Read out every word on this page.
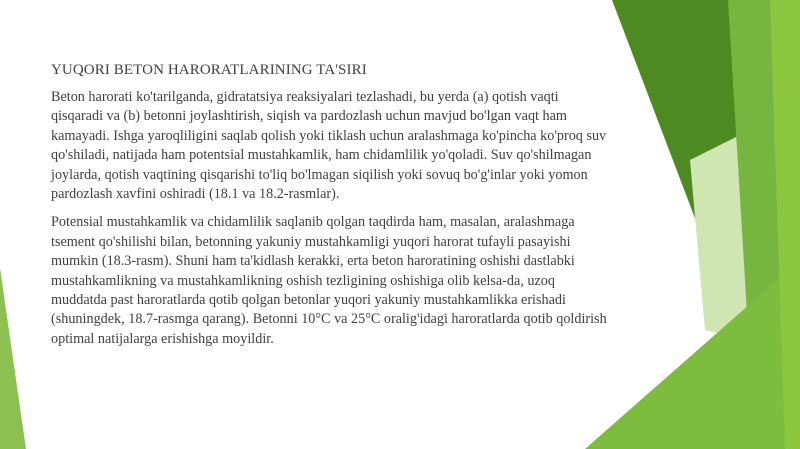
YUQORI BETON HARORATLARINING TA'SIRI

Beton harorati ko'tarilganda, gidratatsiya reaksiyalari tezlashadi, bu yerda (a) qotish vaqti qisqaradi va (b) betonni joylashtirish, siqish va pardozlash uchun mavjud bo'lgan vaqt ham kamayadi. Ishga yaroqliligini saqlab qolish yoki tiklash uchun aralashmaga ko'pincha ko'proq suv qo'shiladi, natijada ham potentsial mustahkamlik, ham chidamlilik yo'qoladi. Suv qo'shilmagan joylarda, qotish vaqtining qisqarishi to'liq bo'lmagan siqilish yoki sovuq bo'g'inlar yoki yomon pardozlash xavfini oshiradi (18.1 va 18.2-rasmlar).

Potensial mustahkamlik va chidamlilik saqlanib qolgan taqdirda ham, masalan, aralashmaga tsement qo'shilishi bilan, betonning yakuniy mustahkamligi yuqori harorat tufayli pasayishi mumkin (18.3-rasm). Shuni ham ta'kidlash kerakki, erta beton haroratining oshishi dastlabki mustahkamlikning va mustahkamlikning oshish tezligining oshishiga olib kelsa-da, uzoq muddatda past haroratlarda qotib qolgan betonlar yuqori yakuniy mustahkamlikka erishadi (shuningdek, 18.7-rasmga qarang). Betonni 10°C va 25°C oralig'idagi haroratlarda qotib qoldirish optimal natijalarga erishishga moyildir.
